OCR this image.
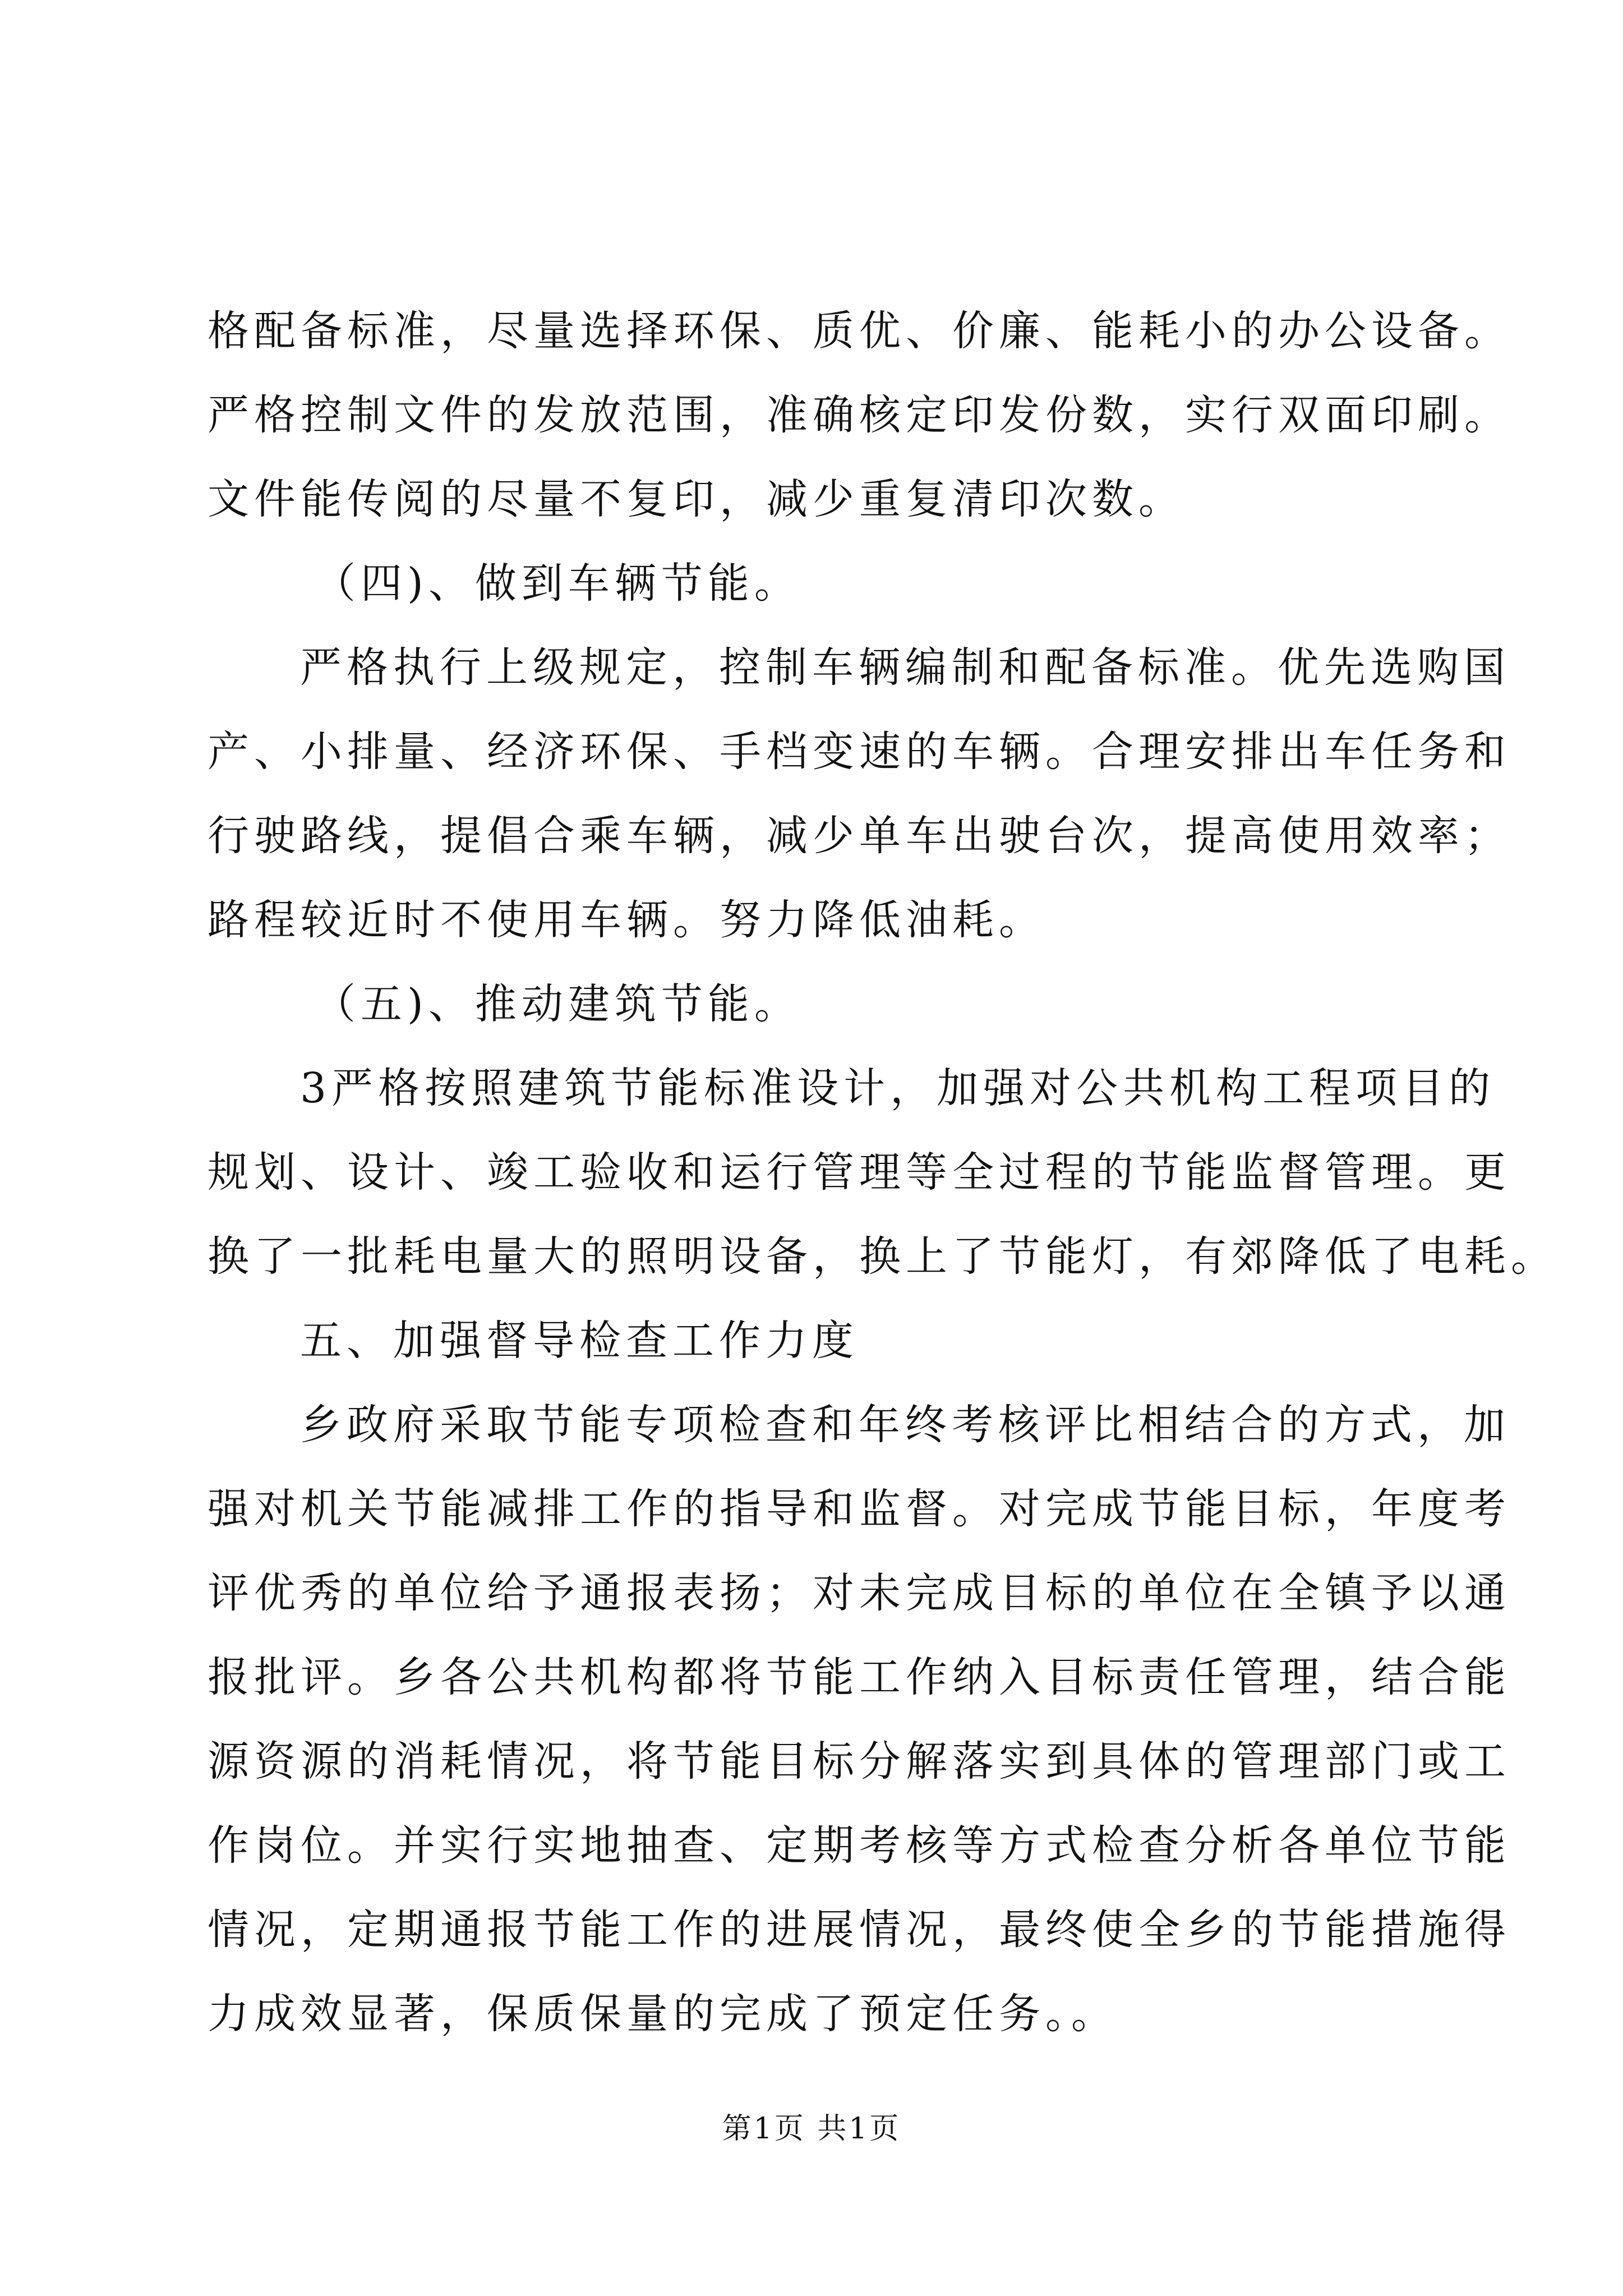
格配备标准，尽量选择环保、质优、价廉、能耗小的办公设备。
严格控制文件的发放范围，准确核定印发份数，实行双面印刷。
文件能传阅的尽量不复印，减少重复清印次数。
（四)、做到车辆节能。
严格执行上级规定，控制车辆编制和配备标准。优先选购国
产、小排量、经济环保、手档变速的车辆。合理安排出车任务和
行驶路线，提倡合乘车辆，减少单车出驶台次，提高使用效率；
路程较近时不使用车辆。努力降低油耗。
（五)、推动建筑节能。
3严格按照建筑节能标准设计，加强对公共机构工程项目的
规划、设计、竣工验收和运行管理等全过程的节能监督管理。更
换了一批耗电量大的照明设备，换上了节能灯，有郊降低了电耗。
五、加强督导检查工作力度
乡政府采取节能专项检查和年终考核评比相结合的方式，加
强对机关节能减排工作的指导和监督。对完成节能目标，年度考
评优秀的单位给予通报表扬；对未完成目标的单位在全镇予以通
报批评。乡各公共机构都将节能工作纳入目标责任管理，结合能
源资源的消耗情况，将节能目标分解落实到具体的管理部门或工
作岗位。并实行实地抽查、定期考核等方式检查分析各单位节能
情况，定期通报节能工作的进展情况，最终使全乡的节能措施得
力成效显著，保质保量的完成了预定任务。。
第1页 共1页
